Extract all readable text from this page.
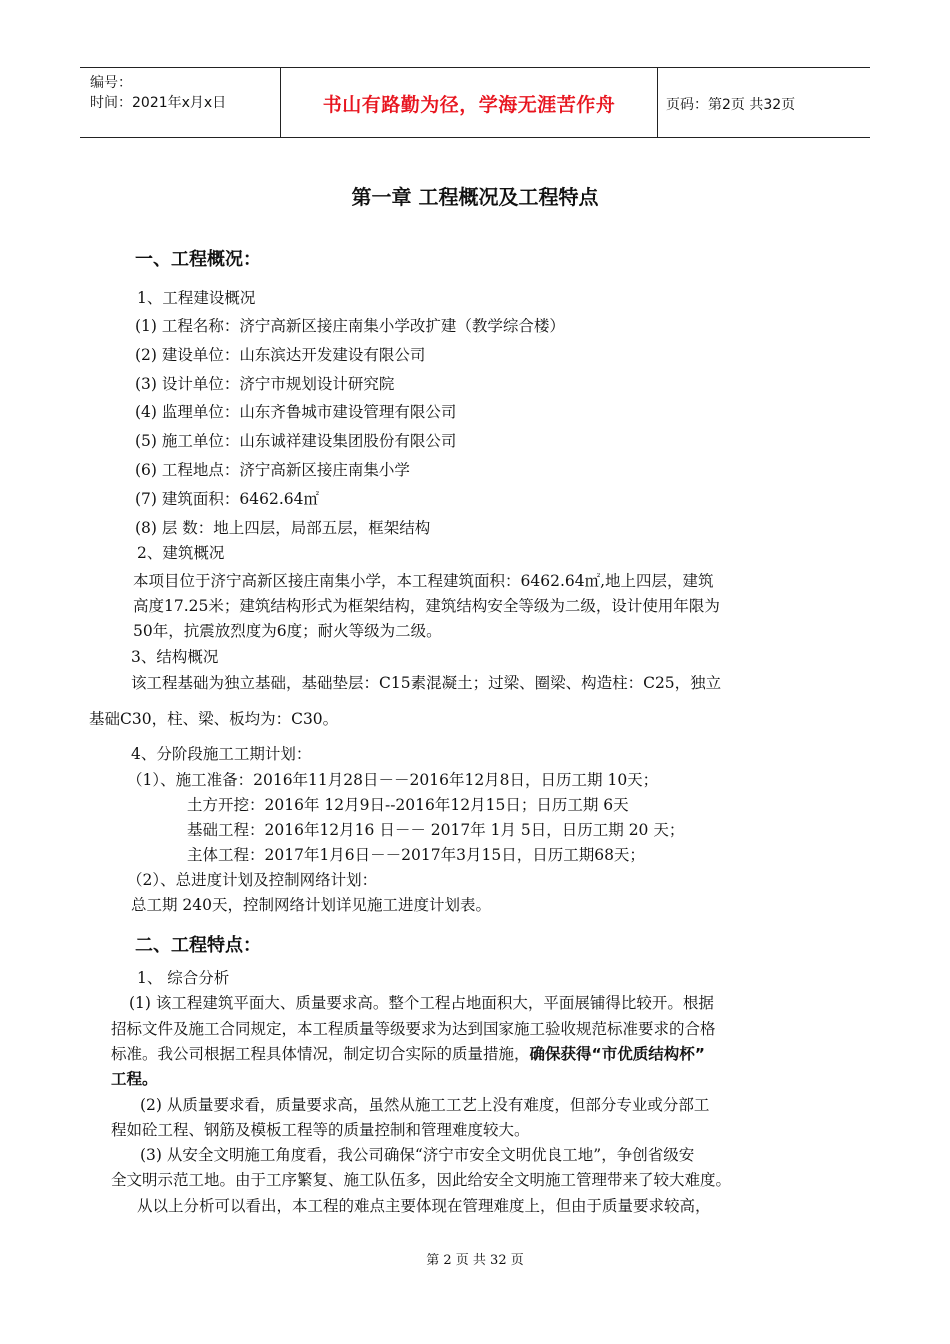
编号：
时间：2021年x月x日	书山有路勤为径，学海无涯苦作舟	页码：第2页 共32页
第一章 工程概况及工程特点
一、工程概况：
1、工程建设概况
(1) 工程名称：济宁高新区接庄南集小学改扩建（教学综合楼）
(2) 建设单位：山东滨达开发建设有限公司
(3) 设计单位：济宁市规划设计研究院
(4) 监理单位：山东齐鲁城市建设管理有限公司
(5) 施工单位：山东诚祥建设集团股份有限公司
(6) 工程地点：济宁高新区接庄南集小学
(7) 建筑面积：6462.64㎡
(8) 层 数：地上四层，局部五层，框架结构
2、建筑概况
本项目位于济宁高新区接庄南集小学，本工程建筑面积：6462.64㎡,地上四层，建筑
高度17.25米；建筑结构形式为框架结构，建筑结构安全等级为二级，设计使用年限为
50年，抗震放烈度为6度；耐火等级为二级。
3、结构概况
该工程基础为独立基础，基础垫层：C15素混凝土；过梁、圈梁、构造柱：C25，独立
基础C30，柱、梁、板均为：C30。
4、分阶段施工工期计划：
（1）、施工准备：2016年11月28日－－2016年12月8日，日历工期 10天；
土方开挖：2016年 12月9日--2016年12月15日；日历工期 6天
基础工程：2016年12月16 日－－ 2017年 1月 5日，日历工期 20 天；
主体工程：2017年1月6日－－2017年3月15日，日历工期68天；
（2）、总进度计划及控制网络计划：
总工期 240天，控制网络计划详见施工进度计划表。
二、工程特点：
1、 综合分析
(1) 该工程建筑平面大、质量要求高。整个工程占地面积大，平面展铺得比较开。根据
招标文件及施工合同规定，本工程质量等级要求为达到国家施工验收规范标准要求的合格
标准。我公司根据工程具体情况，制定切合实际的质量措施，确保获得“市优质结构杯”
工程。
(2) 从质量要求看，质量要求高，虽然从施工工艺上没有难度，但部分专业或分部工
程如砼工程、钢筋及模板工程等的质量控制和管理难度较大。
(3) 从安全文明施工角度看，我公司确保“济宁市安全文明优良工地”，争创省级安
全文明示范工地。由于工序繁复、施工队伍多，因此给安全文明施工管理带来了较大难度。
从以上分析可以看出，本工程的难点主要体现在管理难度上，但由于质量要求较高，
第 2 页 共 32 页
